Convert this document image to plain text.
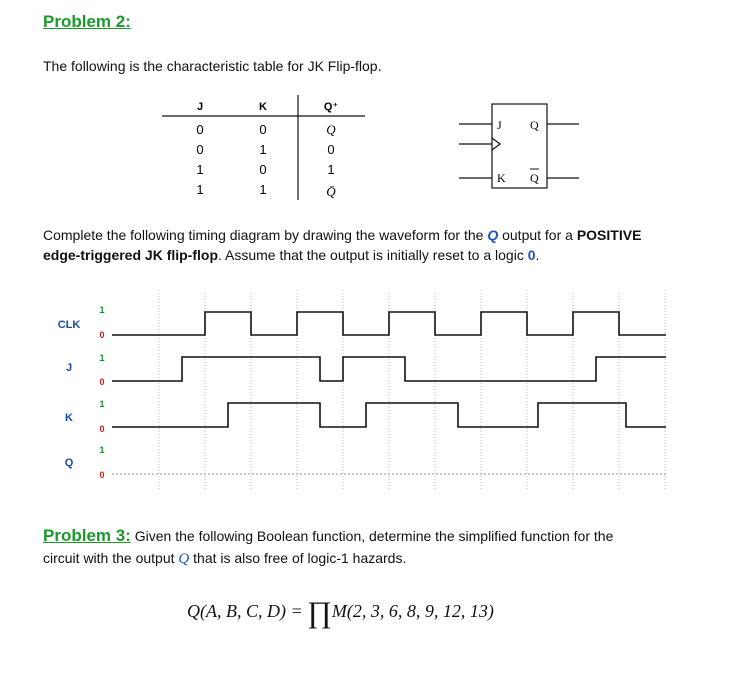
Problem 2:
The following is the characteristic table for JK Flip-flop.
J	K	Q⁺
0	0	Q
0	1	0
1	0	1
1	1	Q̄
J Q
K Q
Complete the following timing diagram by drawing the waveform for the Q output for a POSITIVE
edge-triggered JK flip-flop. Assume that the output is initially reset to a logic 0.
CLK
1
0
J
1
0
K
1
0
Q
1
0
Problem 3: Given the following Boolean function, determine the simplified function for the
circuit with the output Q that is also free of logic-1 hazards.
Q(A, B, C, D) = ∏M(2, 3, 6, 8, 9, 12, 13)
